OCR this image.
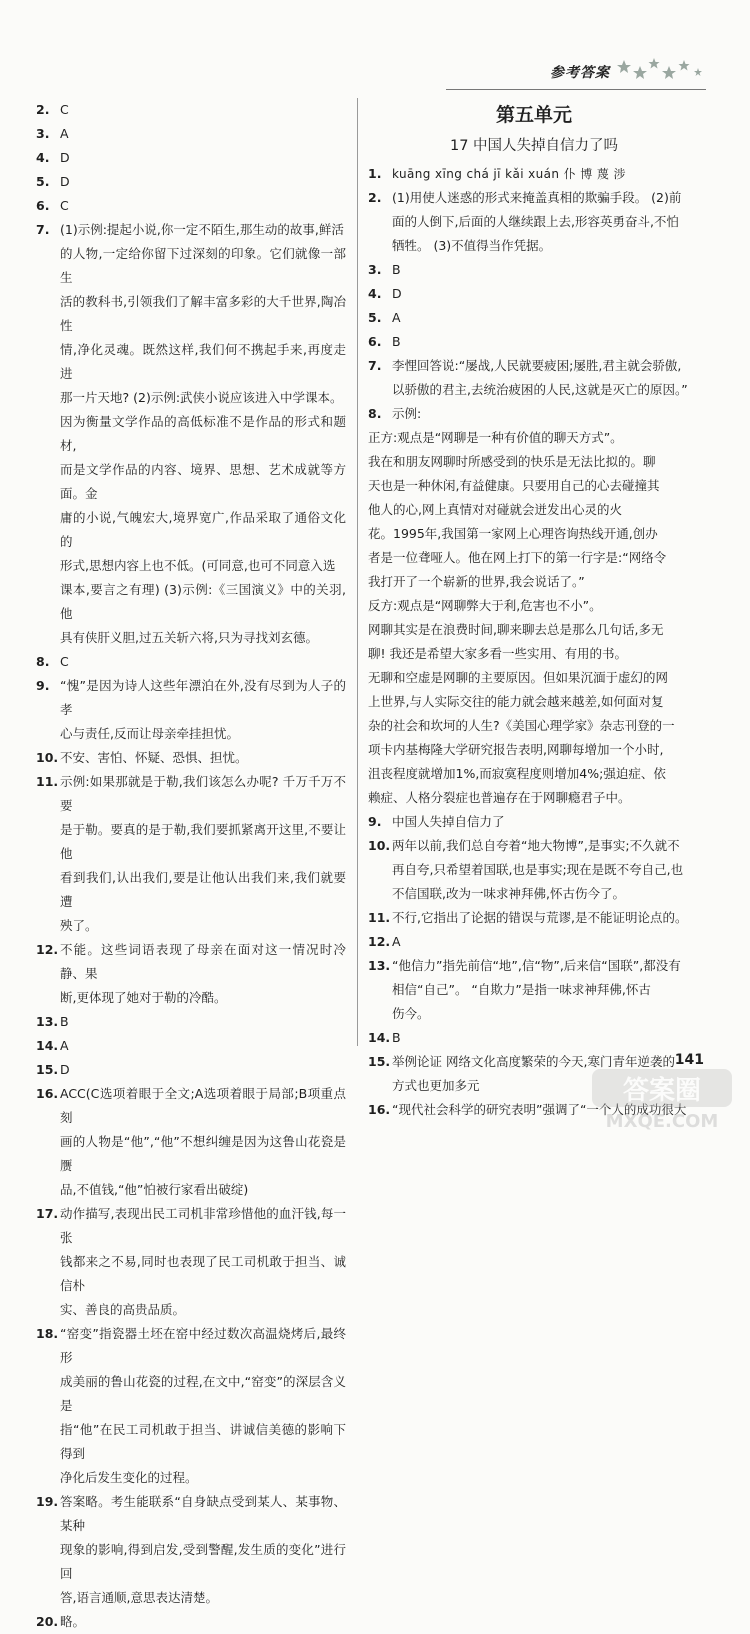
参考答案
2. C
3. A
4. D
5. D
6. C
7. (1)示例:提起小说,你一定不陌生,那生动的故事,鲜活
的人物,一定给你留下过深刻的印象。它们就像一部生
活的教科书,引领我们了解丰富多彩的大千世界,陶冶性
情,净化灵魂。既然这样,我们何不携起手来,再度走进
那一片天地? (2)示例:武侠小说应该进入中学课本。
因为衡量文学作品的高低标准不是作品的形式和题材,
而是文学作品的内容、境界、思想、艺术成就等方面。金
庸的小说,气魄宏大,境界宽广,作品采取了通俗文化的
形式,思想内容上也不低。(可同意,也可不同意入选
课本,要言之有理) (3)示例:《三国演义》中的关羽,他
具有侠肝义胆,过五关斩六将,只为寻找刘玄德。
8. C
9. “愧”是因为诗人这些年漂泊在外,没有尽到为人子的孝
心与责任,反而让母亲牵挂担忧。
10. 不安、害怕、怀疑、恐惧、担忧。
11. 示例:如果那就是于勒,我们该怎么办呢? 千万千万不要
是于勒。要真的是于勒,我们要抓紧离开这里,不要让他
看到我们,认出我们,要是让他认出我们来,我们就要遭
殃了。
12. 不能。这些词语表现了母亲在面对这一情况时冷静、果
断,更体现了她对于勒的冷酷。
13. B
14. A
15. D
16. ACC(C选项着眼于全文;A选项着眼于局部;B项重点刻
画的人物是“他”,“他”不想纠缠是因为这鲁山花瓷是赝
品,不值钱,“他”怕被行家看出破绽)
17. 动作描写,表现出民工司机非常珍惜他的血汗钱,每一张
钱都来之不易,同时也表现了民工司机敢于担当、诚信朴
实、善良的高贵品质。
18. “窑变”指瓷器土坯在窑中经过数次高温烧烤后,最终形
成美丽的鲁山花瓷的过程,在文中,“窑变”的深层含义是
指“他”在民工司机敢于担当、讲诚信美德的影响下得到
净化后发生变化的过程。
19. 答案略。考生能联系“自身缺点受到某人、某事物、某种
现象的影响,得到启发,受到警醒,发生质的变化”进行回
答,语言通顺,意思表达清楚。
20. 略。
第五单元
17 中国人失掉自信力了吗
1. kuāng xīng chá jī kǎi xuán 仆 博 蔑 涉
2. (1)用使人迷惑的形式来掩盖真相的欺骗手段。 (2)前
面的人倒下,后面的人继续跟上去,形容英勇奋斗,不怕
牺牲。 (3)不值得当作凭据。
3. B
4. D
5. A
6. B
7. 李悝回答说:“屡战,人民就要疲困;屡胜,君主就会骄傲,
以骄傲的君主,去统治疲困的人民,这就是灭亡的原因。”
8. 示例:
正方:观点是“网聊是一种有价值的聊天方式”。
我在和朋友网聊时所感受到的快乐是无法比拟的。聊
天也是一种休闲,有益健康。只要用自己的心去碰撞其
他人的心,网上真情对对碰就会迸发出心灵的火
花。1995年,我国第一家网上心理咨询热线开通,创办
者是一位聋哑人。他在网上打下的第一行字是:“网络令
我打开了一个崭新的世界,我会说话了。”
反方:观点是“网聊弊大于利,危害也不小”。
网聊其实是在浪费时间,聊来聊去总是那么几句话,多无
聊! 我还是希望大家多看一些实用、有用的书。
无聊和空虚是网聊的主要原因。但如果沉湎于虚幻的网
上世界,与人实际交往的能力就会越来越差,如何面对复
杂的社会和坎坷的人生?《美国心理学家》杂志刊登的一
项卡内基梅隆大学研究报告表明,网聊每增加一个小时,
沮丧程度就增加1%,而寂寞程度则增加4%;强迫症、依
赖症、人格分裂症也普遍存在于网聊瘾君子中。
9. 中国人失掉自信力了
10. 两年以前,我们总自夸着“地大物博”,是事实;不久就不
再自夸,只希望着国联,也是事实;现在是既不夸自己,也
不信国联,改为一味求神拜佛,怀古伤今了。
11. 不行,它指出了论据的错误与荒谬,是不能证明论点的。
12. A
13. “他信力”指先前信“地”,信“物”,后来信“国联”,都没有
相信“自己”。 “自欺力”是指一味求神拜佛,怀古
伤今。
14. B
15. 举例论证 网络文化高度繁荣的今天,寒门青年逆袭的
方式也更加多元
16. “现代社会科学的研究表明”强调了“一个人的成功很大
141
答案圈
MXQE.COM
